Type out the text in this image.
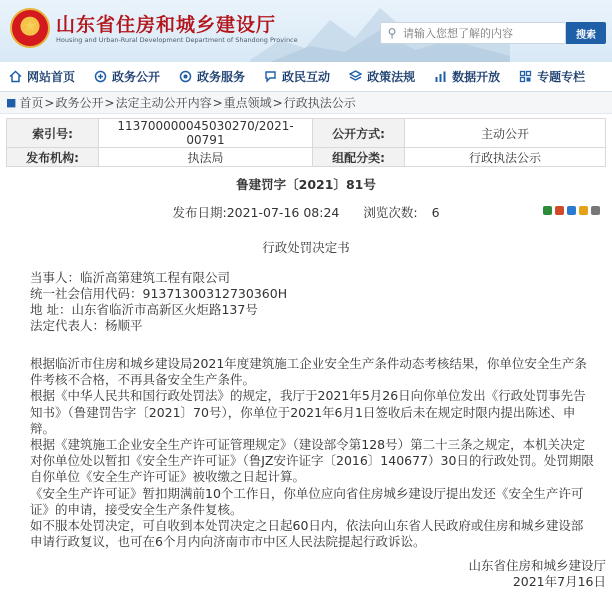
★
山东省住房和城乡建设厅
Housing and Urban-Rural Development Department of Shandong Province	⚲
请输入您想了解的内容	搜索
网站首页	政务公开	政务服务	政民互动	政策法规	数据开放	专题专栏
■ 首页 > 政务公开 > 法定主动公开内容 > 重点领域 > 行政执法公示
索引号:	113700000045030270/2021-00791	公开方式:	主动公开
发布机构:	执法局	组配分类:	行政执法公示
鲁建罚字〔2021〕81号
发布日期: 2021-07-16 08:24 浏览次数: 6
行政处罚决定书
当事人：临沂高第建筑工程有限公司
统一社会信用代码：91371300312730360H
地 址：山东省临沂市高新区火炬路137号
法定代表人：杨顺平

根据临沂市住房和城乡建设局2021年度建筑施工企业安全生产条件动态考核结果，你单位安全生产条件考核不合格，不再具备安全生产条件。

根据《中华人民共和国行政处罚法》的规定，我厅于2021年5月26日向你单位发出《行政处罚事先告知书》（鲁建罚告字〔2021〕70号），你单位于2021年6月1日签收后未在规定时限内提出陈述、申辩。

根据《建筑施工企业安全生产许可证管理规定》（建设部令第128号）第二十三条之规定，本机关决定对你单位处以暂扣《安全生产许可证》（鲁JZ安许证字〔2016〕140677）30日的行政处罚。处罚期限自你单位《安全生产许可证》被收缴之日起计算。

《安全生产许可证》暂扣期满前10个工作日，你单位应向省住房城乡建设厅提出发还《安全生产许可证》的申请，接受安全生产条件复核。

如不服本处罚决定，可自收到本处罚决定之日起60日内，依法向山东省人民政府或住房和城乡建设部申请行政复议，也可在6个月内向济南市市中区人民法院提起行政诉讼。

山东省住房和城乡建设厅
2021年7月16日
